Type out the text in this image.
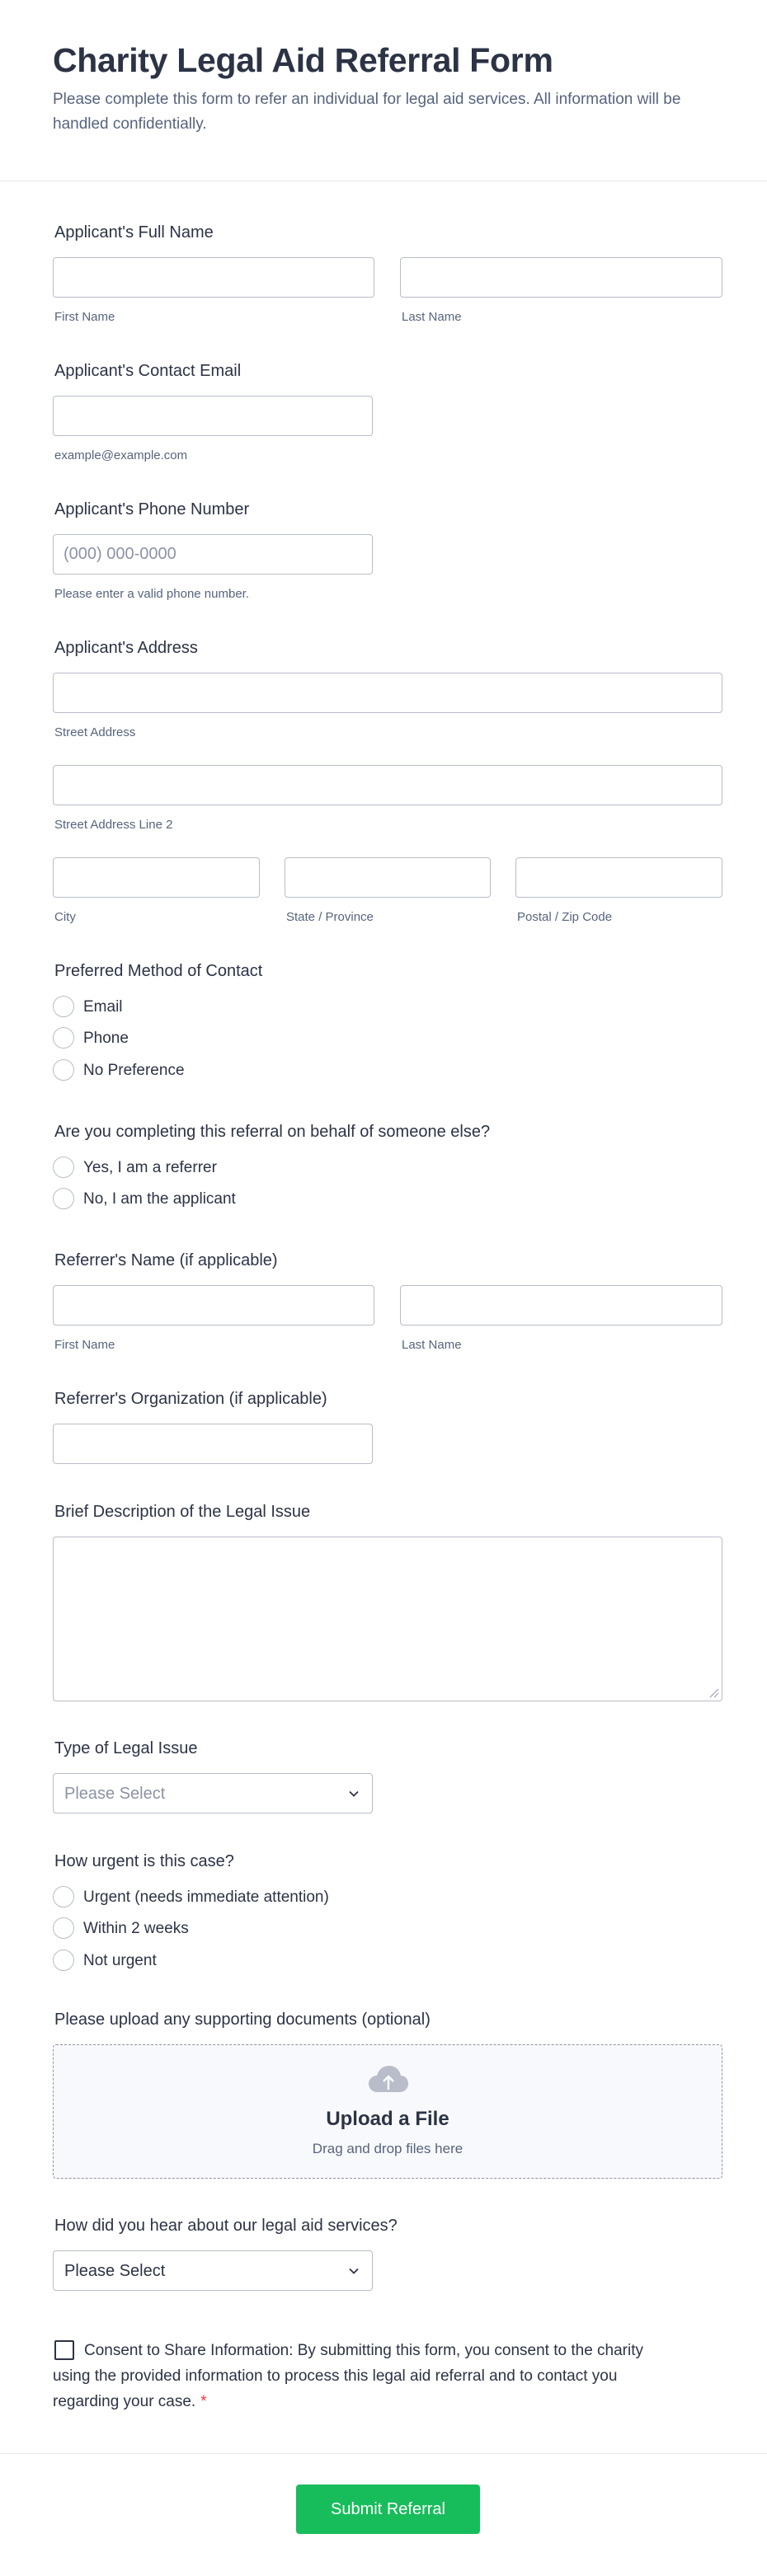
Charity Legal Aid Referral Form
Please complete this form to refer an individual for legal aid services. All information will be handled confidentially.
Applicant's Full Name
First Name	Last Name
Applicant's Contact Email
example@example.com
Applicant's Phone Number
(000) 000-0000
Please enter a valid phone number.
Applicant's Address
Street Address
Street Address Line 2
City	State / Province	Postal / Zip Code
Preferred Method of Contact
Email
Phone
No Preference
Are you completing this referral on behalf of someone else?
Yes, I am a referrer
No, I am the applicant
Referrer's Name (if applicable)
First Name	Last Name
Referrer's Organization (if applicable)
Brief Description of the Legal Issue
Type of Legal Issue
Please Select
How urgent is this case?
Urgent (needs immediate attention)
Within 2 weeks
Not urgent
Please upload any supporting documents (optional)
Upload a File
Drag and drop files here
How did you hear about our legal aid services?
Please Select
Consent to Share Information: By submitting this form, you consent to the charity using the provided information to process this legal aid referral and to contact you regarding your case. *
Submit Referral
